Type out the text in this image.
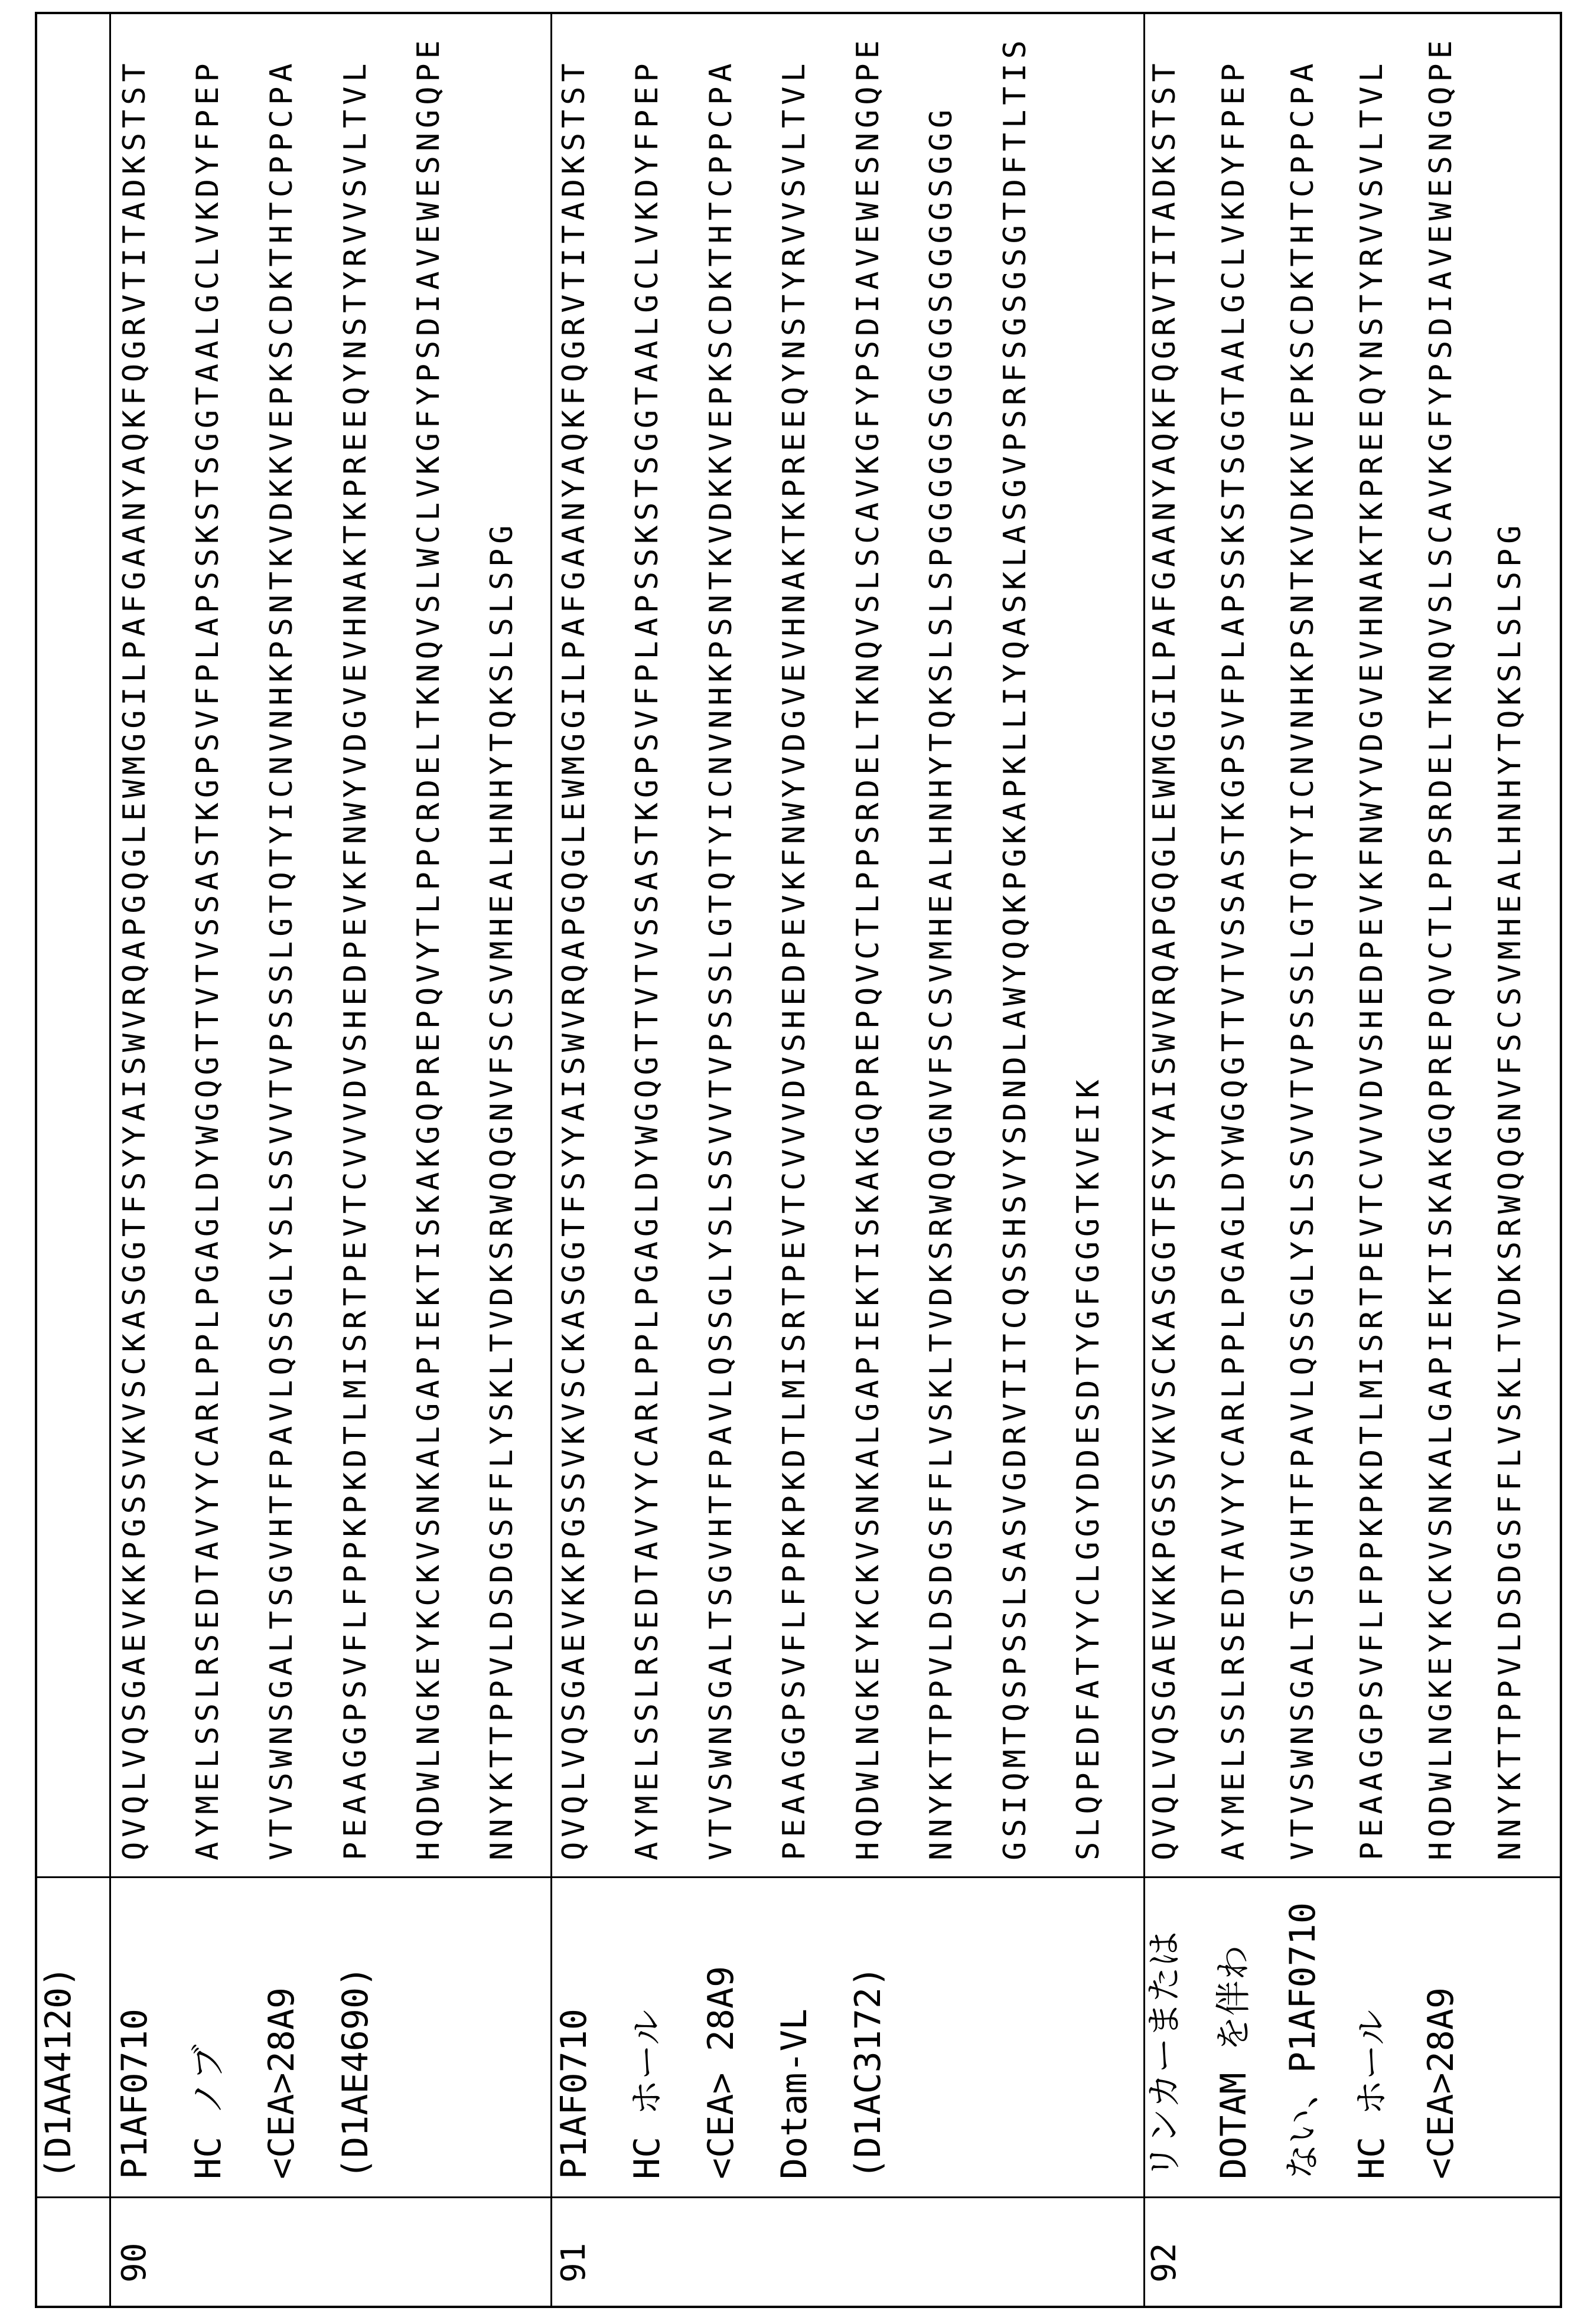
(D1AA4120)
90
P1AF0710 HC ノブ <CEA>28A9 (D1AE4690)
QVQLVQSGAEVKKPGSSVKVSCKASGGTFSYYAISWVRQAPGQGLEWMGGILPAFGAANYAQKFQGRVTITADKSTST AYMELSSLRSEDTAVYYCARLPPLPGAGLDYWGQGTTVTVSSASTKGPSVFPLAPSSKSTSGGTAALGCLVKDYFPEP VTVSWNSGALTSGVHTFPAVLQSSGLYSLSSVVTVPSSSLGTQTYICNVNHKPSNTKVDKKVEPKSCDKTHTCPPCPA PEAAGGPSVFLFPPKPKDTLMISRTPEVTCVVVDVSHEDPEVKFNWYVDGVEVHNAKTKPREEQYNSTYRVVSVLTVL HQDWLNGKEYKCKVSNKALGAPIEKTISKAKGQPREPQVYTLPPCRDELTKNQVSLWCLVKGFYPSDIAVEWESNGQPE NNYKTTPPVLDSDGSFFLYSKLTVDKSRWQQGNVFSCSVMHEALHNHYTQKSLSLSPG
91
P1AF0710 HC ホール <CEA> 28A9 Dotam-VL (D1AC3172)
QVQLVQSGAEVKKPGSSVKVSCKASGGTFSYYAISWVRQAPGQGLEWMGGILPAFGAANYAQKFQGRVTITADKSTST AYMELSSLRSEDTAVYYCARLPPLPGAGLDYWGQGTTVTVSSASTKGPSVFPLAPSSKSTSGGTAALGCLVKDYFPEP VTVSWNSGALTSGVHTFPAVLQSSGLYSLSSVVTVPSSSLGTQTYICNVNHKPSNTKVDKKVEPKSCDKTHTCPPCPA PEAAGGPSVFLFPPKPKDTLMISRTPEVTCVVVDVSHEDPEVKFNWYVDGVEVHNAKTKPREEQYNSTYRVVSVLTVL HQDWLNGKEYKCKVSNKALGAPIEKTISKAKGQPREPQVCTLPPSRDELTKNQVSLSCAVKGFYPSDIAVEWESNGQPE NNYKTTPPVLDSDGSFFLVSKLTVDKSRWQQGNVFSCSVMHEALHNHYTQKSLSLSPGGGGGSGGGGSGGGGSGGG GSIQMTQSPSSLSASVGDRVTITCQSSHSVYSDNDLAWYQQKPGKAPKLLIYQASKLASGVPSRFSGSGSGTDFTLTIS SLQPEDFATYYCLGGYDDESDTYGFGGGTKVEIK
92
リンカーまたは DOTAM を伴わ ない、P1AF0710 HC ホール <CEA>28A9
QVQLVQSGAEVKKPGSSVKVSCKASGGTFSYYAISWVRQAPGQGLEWMGGILPAFGAANYAQKFQGRVTITADKSTST AYMELSSLRSEDTAVYYCARLPPLPGAGLDYWGQGTTVTVSSASTKGPSVFPLAPSSKSTSGGTAALGCLVKDYFPEP VTVSWNSGALTSGVHTFPAVLQSSGLYSLSSVVTVPSSSLGTQTYICNVNHKPSNTKVDKKVEPKSCDKTHTCPPCPA PEAAGGPSVFLFPPKPKDTLMISRTPEVTCVVVDVSHEDPEVKFNWYVDGVEVHNAKTKPREEQYNSTYRVVSVLTVL HQDWLNGKEYKCKVSNKALGAPIEKTISKAKGQPREPQVCTLPPSRDELTKNQVSLSCAVKGFYPSDIAVEWESNGQPE NNYKTTPPVLDSDGSFFLVSKLTVDKSRWQQGNVFSCSVMHEALHNHYTQKSLSLSPG
